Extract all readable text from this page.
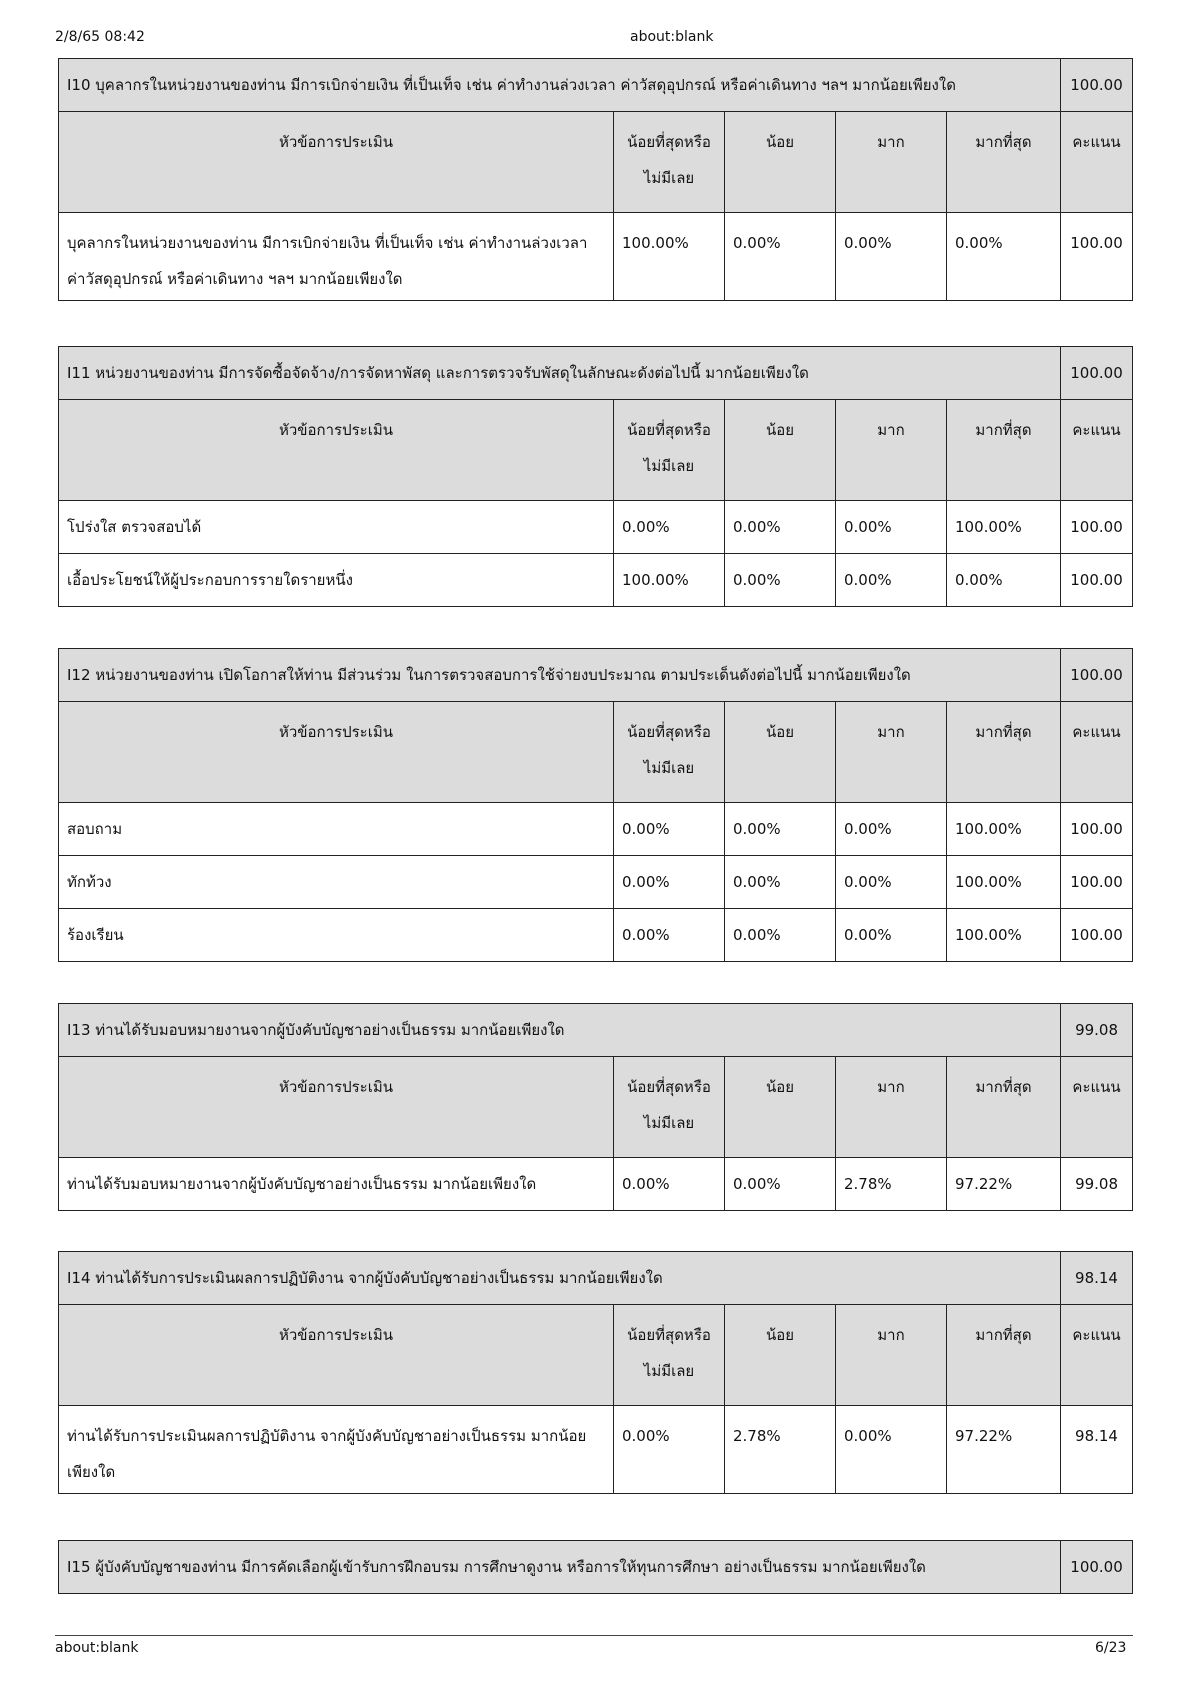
2/8/65 08:42	about:blank
I10 บุคลากรในหน่วยงานของท่าน มีการเบิกจ่ายเงิน ที่เป็นเท็จ เช่น ค่าทำงานล่วงเวลา ค่าวัสดุอุปกรณ์ หรือค่าเดินทาง ฯลฯ มากน้อยเพียงใด					100.00
หัวข้อการประเมิน	น้อยที่สุดหรือไม่มีเลย	น้อย	มาก	มากที่สุด	คะแนน
บุคลากรในหน่วยงานของท่าน มีการเบิกจ่ายเงิน ที่เป็นเท็จ เช่น ค่าทำงานล่วงเวลา ค่าวัสดุอุปกรณ์ หรือค่าเดินทาง ฯลฯ มากน้อยเพียงใด	100.00%	0.00%	0.00%	0.00%	100.00
I11 หน่วยงานของท่าน มีการจัดซื้อจัดจ้าง/การจัดหาพัสดุ และการตรวจรับพัสดุในลักษณะดังต่อไปนี้ มากน้อยเพียงใด					100.00
หัวข้อการประเมิน	น้อยที่สุดหรือไม่มีเลย	น้อย	มาก	มากที่สุด	คะแนน
โปร่งใส ตรวจสอบได้	0.00%	0.00%	0.00%	100.00%	100.00
เอื้อประโยชน์ให้ผู้ประกอบการรายใดรายหนึ่ง	100.00%	0.00%	0.00%	0.00%	100.00
I12 หน่วยงานของท่าน เปิดโอกาสให้ท่าน มีส่วนร่วม ในการตรวจสอบการใช้จ่ายงบประมาณ ตามประเด็นดังต่อไปนี้ มากน้อยเพียงใด					100.00
หัวข้อการประเมิน	น้อยที่สุดหรือไม่มีเลย	น้อย	มาก	มากที่สุด	คะแนน
สอบถาม	0.00%	0.00%	0.00%	100.00%	100.00
ทักท้วง	0.00%	0.00%	0.00%	100.00%	100.00
ร้องเรียน	0.00%	0.00%	0.00%	100.00%	100.00
I13 ท่านได้รับมอบหมายงานจากผู้บังคับบัญชาอย่างเป็นธรรม มากน้อยเพียงใด					99.08
หัวข้อการประเมิน	น้อยที่สุดหรือไม่มีเลย	น้อย	มาก	มากที่สุด	คะแนน
ท่านได้รับมอบหมายงานจากผู้บังคับบัญชาอย่างเป็นธรรม มากน้อยเพียงใด	0.00%	0.00%	2.78%	97.22%	99.08
I14 ท่านได้รับการประเมินผลการปฏิบัติงาน จากผู้บังคับบัญชาอย่างเป็นธรรม มากน้อยเพียงใด					98.14
หัวข้อการประเมิน	น้อยที่สุดหรือไม่มีเลย	น้อย	มาก	มากที่สุด	คะแนน
ท่านได้รับการประเมินผลการปฏิบัติงาน จากผู้บังคับบัญชาอย่างเป็นธรรม มากน้อยเพียงใด	0.00%	2.78%	0.00%	97.22%	98.14
I15 ผู้บังคับบัญชาของท่าน มีการคัดเลือกผู้เข้ารับการฝึกอบรม การศึกษาดูงาน หรือการให้ทุนการศึกษา อย่างเป็นธรรม มากน้อยเพียงใด	100.00
about:blank	6/23
